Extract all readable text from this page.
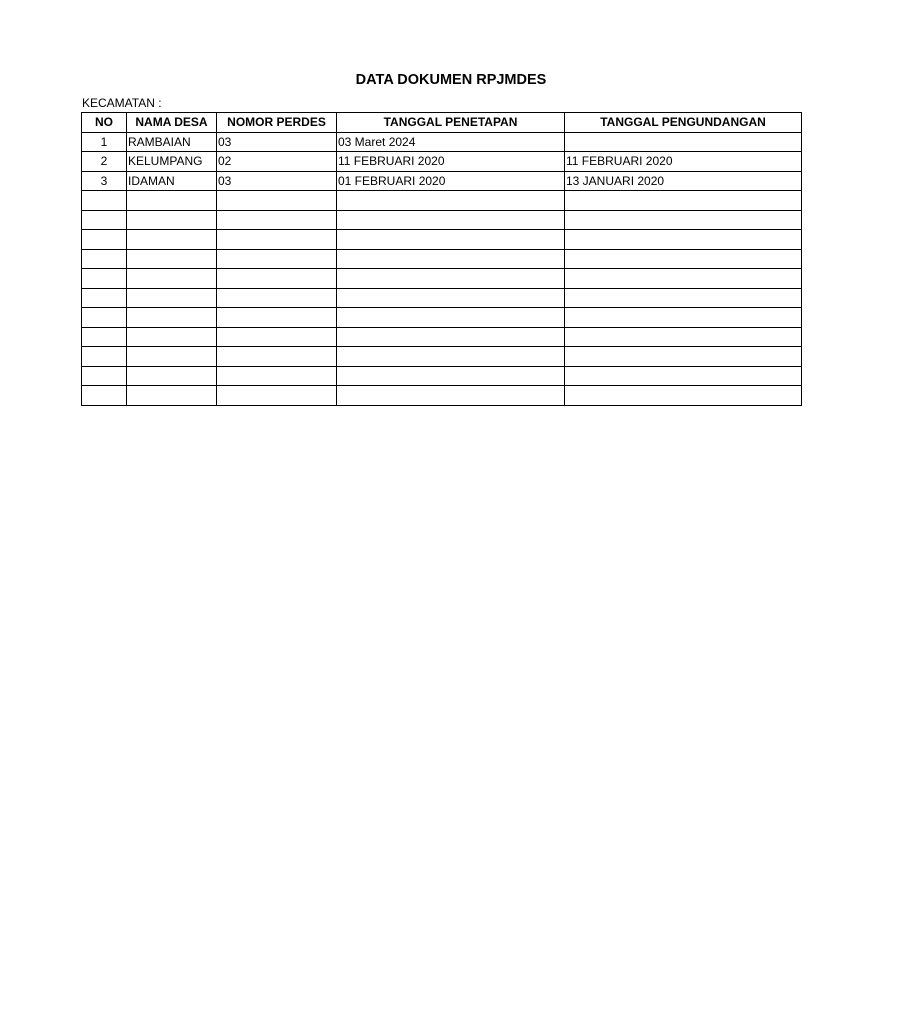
DATA DOKUMEN RPJMDES
KECAMATAN :
NO	NAMA DESA	NOMOR PERDES	TANGGAL PENETAPAN	TANGGAL PENGUNDANGAN
1	RAMBAIAN	03	03 Maret 2024	
2	KELUMPANG	02	11 FEBRUARI 2020	11 FEBRUARI 2020
3	IDAMAN	03	01 FEBRUARI 2020	13 JANUARI 2020
